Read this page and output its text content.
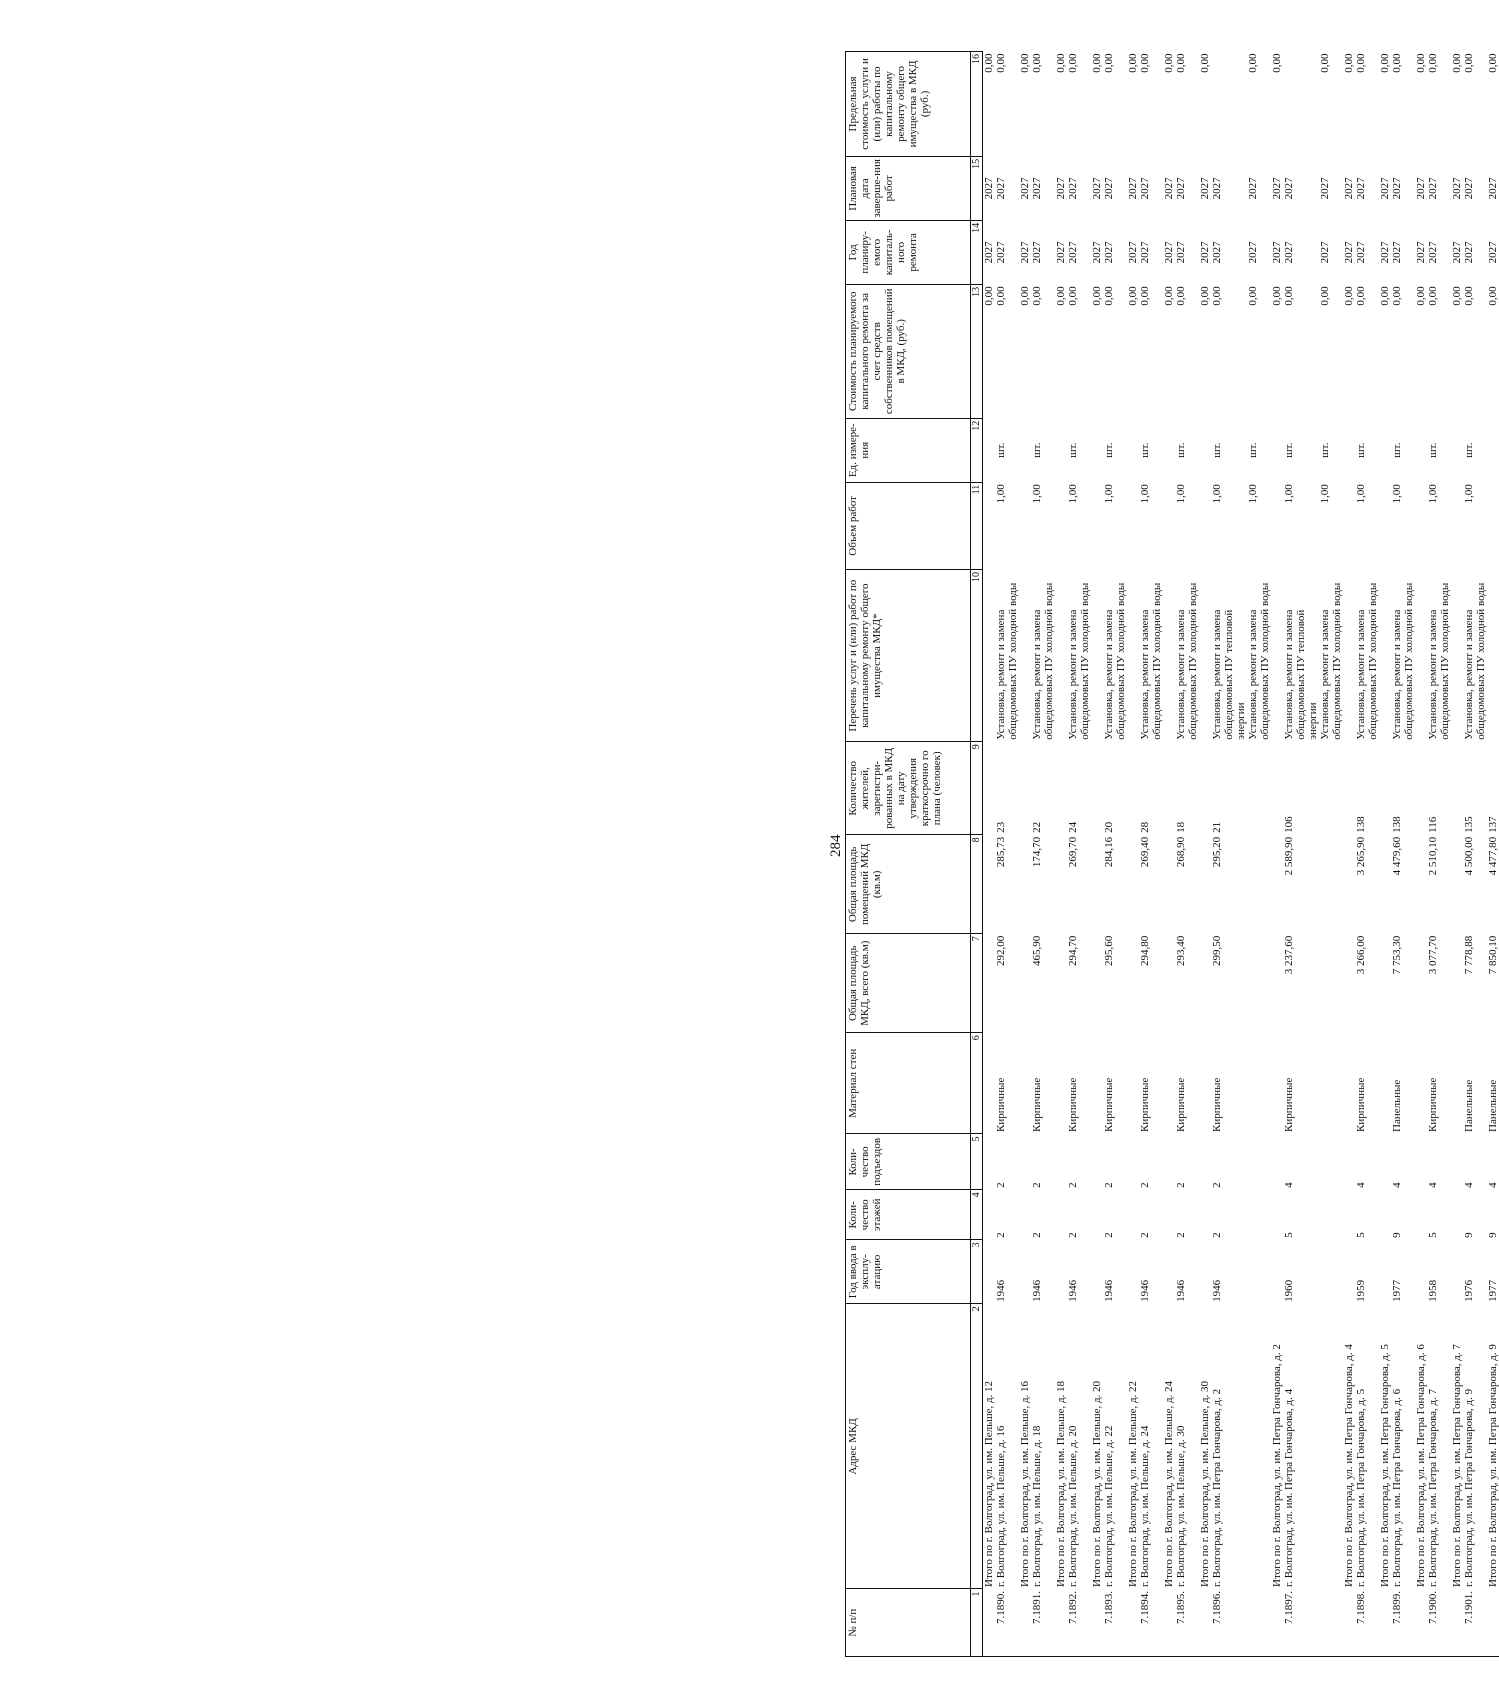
284
№ п/п	Адрес МКД	Год ввода в эксплу-атацию	Коли-чество этажей	Коли-чество подъездов	Материал стен	Общая площадь МКД, всего (кв.м)	Общая площадь помещений МКД (кв.м)	Количество жителей, зарегистри-рованных в МКД на дату утверждения краткосрочно го плана (человек)	Перечень услуг и (или) работ по капитальному ремонту общего имущества МКД*	Объем работ	Ед. измере-ния	Стоимость планируемого капитального ремонта за счет средств собственников помещений в МКД, (руб.)	Год планиру-емого капиталь-ного ремонта	Плановая дата заверше-ния работ	Предельная стоимость услуги и (или) работы по капитальному ремонту общего имущества в МКД (руб.)
1	2	3	4	5	6	7	8	9	10	11	12	13	14	15	16
	Итого по г. Волгоград, ул. им. Пельше, д. 12											0,00	2027	2027	0,00
7.1890.	г. Волгоград, ул. им. Пельше, д. 16	1946	2	2	Кирпичные	292,00	285,73	23	Установка, ремонт и замена общедомовых ПУ холодной воды	1,00	шт.	0,00	2027	2027	0,00
	Итого по г. Волгоград, ул. им. Пельше, д. 16											0,00	2027	2027	0,00
7.1891.	г. Волгоград, ул. им. Пельше, д. 18	1946	2	2	Кирпичные	465,90	174,70	22	Установка, ремонт и замена общедомовых ПУ холодной воды	1,00	шт.	0,00	2027	2027	0,00
	Итого по г. Волгоград, ул. им. Пельше, д. 18											0,00	2027	2027	0,00
7.1892.	г. Волгоград, ул. им. Пельше, д. 20	1946	2	2	Кирпичные	294,70	269,70	24	Установка, ремонт и замена общедомовых ПУ холодной воды	1,00	шт.	0,00	2027	2027	0,00
	Итого по г. Волгоград, ул. им. Пельше, д. 20											0,00	2027	2027	0,00
7.1893.	г. Волгоград, ул. им. Пельше, д. 22	1946	2	2	Кирпичные	295,60	284,16	20	Установка, ремонт и замена общедомовых ПУ холодной воды	1,00	шт.	0,00	2027	2027	0,00
	Итого по г. Волгоград, ул. им. Пельше, д. 22											0,00	2027	2027	0,00
7.1894.	г. Волгоград, ул. им. Пельше, д. 24	1946	2	2	Кирпичные	294,80	269,40	28	Установка, ремонт и замена общедомовых ПУ холодной воды	1,00	шт.	0,00	2027	2027	0,00
	Итого по г. Волгоград, ул. им. Пельше, д. 24											0,00	2027	2027	0,00
7.1895.	г. Волгоград, ул. им. Пельше, д. 30	1946	2	2	Кирпичные	293,40	268,90	18	Установка, ремонт и замена общедомовых ПУ холодной воды	1,00	шт.	0,00	2027	2027	0,00
	Итого по г. Волгоград, ул. им. Пельше, д. 30											0,00	2027	2027	0,00
7.1896.	г. Волгоград, ул. им. Петра Гончарова, д. 2	1946	2	2	Кирпичные	299,50	295,20	21	Установка, ремонт и замена общедомовых ПУ тепловой энергии	1,00	шт.	0,00	2027	2027	
									Установка, ремонт и замена общедомовых ПУ холодной воды	1,00	шт.	0,00	2027	2027	0,00
	Итого по г. Волгоград, ул. им. Петра Гончарова, д. 2											0,00	2027	2027	0,00
7.1897.	г. Волгоград, ул. им. Петра Гончарова, д. 4	1960	5	4	Кирпичные	3 237,60	2 589,90	106	Установка, ремонт и замена общедомовых ПУ тепловой энергии	1,00	шт.	0,00	2027	2027	
									Установка, ремонт и замена общедомовых ПУ холодной воды	1,00	шт.	0,00	2027	2027	0,00
	Итого по г. Волгоград, ул. им. Петра Гончарова, д. 4											0,00	2027	2027	0,00
7.1898.	г. Волгоград, ул. им. Петра Гончарова, д. 5	1959	5	4	Кирпичные	3 266,00	3 265,90	138	Установка, ремонт и замена общедомовых ПУ холодной воды	1,00	шт.	0,00	2027	2027	0,00
	Итого по г. Волгоград, ул. им. Петра Гончарова, д. 5											0,00	2027	2027	0,00
7.1899.	г. Волгоград, ул. им. Петра Гончарова, д. 6	1977	9	4	Панельные	7 753,30	4 479,60	138	Установка, ремонт и замена общедомовых ПУ холодной воды	1,00	шт.	0,00	2027	2027	0,00
	Итого по г. Волгоград, ул. им. Петра Гончарова, д. 6											0,00	2027	2027	0,00
7.1900.	г. Волгоград, ул. им. Петра Гончарова, д. 7	1958	5	4	Кирпичные	3 077,70	2 510,10	116	Установка, ремонт и замена общедомовых ПУ холодной воды	1,00	шт.	0,00	2027	2027	0,00
	Итого по г. Волгоград, ул. им. Петра Гончарова, д. 7											0,00	2027	2027	0,00
7.1901.	г. Волгоград, ул. им. Петра Гончарова, д. 9	1976	9	4	Панельные	7 778,88	4 500,00	135	Установка, ремонт и замена общедомовых ПУ холодной воды	1,00	шт.	0,00	2027	2027	0,00
	Итого по г. Волгоград, ул. им. Петра Гончарова, д. 9	1977	9	4	Панельные	7 850,10	4 477,80	137				0,00	2027	2027	0,00
